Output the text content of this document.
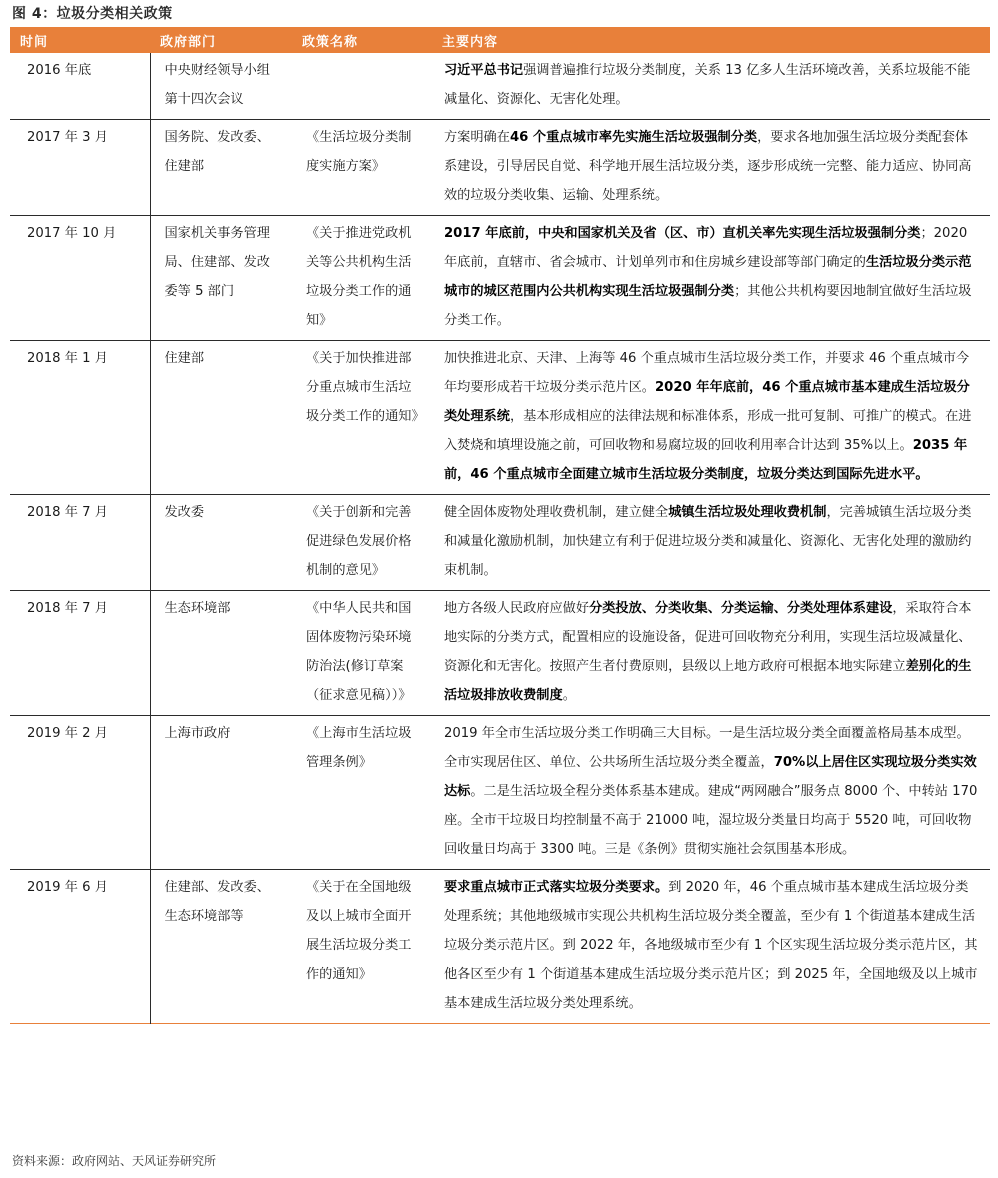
图 4：垃圾分类相关政策
时间	政府部门	政策名称	主要内容
2016 年底	中央财经领导小组第十四次会议		习近平总书记强调普遍推行垃圾分类制度，关系 13 亿多人生活环境改善，关系垃圾能不能减量化、资源化、无害化处理。
2017 年 3 月	国务院、发改委、住建部	《生活垃圾分类制度实施方案》	方案明确在46 个重点城市率先实施生活垃圾强制分类，要求各地加强生活垃圾分类配套体系建设，引导居民自觉、科学地开展生活垃圾分类，逐步形成统一完整、能力适应、协同高效的垃圾分类收集、运输、处理系统。
2017 年 10 月	国家机关事务管理局、住建部、发改委等 5 部门	《关于推进党政机关等公共机构生活垃圾分类工作的通知》	2017 年底前，中央和国家机关及省（区、市）直机关率先实现生活垃圾强制分类；2020 年底前，直辖市、省会城市、计划单列市和住房城乡建设部等部门确定的生活垃圾分类示范城市的城区范围内公共机构实现生活垃圾强制分类；其他公共机构要因地制宜做好生活垃圾分类工作。
2018 年 1 月	住建部	《关于加快推进部分重点城市生活垃圾分类工作的通知》	加快推进北京、天津、上海等 46 个重点城市生活垃圾分类工作，并要求 46 个重点城市今年均要形成若干垃圾分类示范片区。2020 年年底前，46 个重点城市基本建成生活垃圾分类处理系统，基本形成相应的法律法规和标准体系，形成一批可复制、可推广的模式。在进入焚烧和填埋设施之前，可回收物和易腐垃圾的回收利用率合计达到 35%以上。2035 年前，46 个重点城市全面建立城市生活垃圾分类制度，垃圾分类达到国际先进水平。
2018 年 7 月	发改委	《关于创新和完善促进绿色发展价格机制的意见》	健全固体废物处理收费机制，建立健全城镇生活垃圾处理收费机制，完善城镇生活垃圾分类和减量化激励机制，加快建立有利于促进垃圾分类和减量化、资源化、无害化处理的激励约束机制。
2018 年 7 月	生态环境部	《中华人民共和国固体废物污染环境防治法(修订草案（征求意见稿））》	地方各级人民政府应做好分类投放、分类收集、分类运输、分类处理体系建设，采取符合本地实际的分类方式，配置相应的设施设备，促进可回收物充分利用，实现生活垃圾减量化、资源化和无害化。按照产生者付费原则，县级以上地方政府可根据本地实际建立差别化的生活垃圾排放收费制度。
2019 年 2 月	上海市政府	《上海市生活垃圾管理条例》	2019 年全市生活垃圾分类工作明确三大目标。一是生活垃圾分类全面覆盖格局基本成型。全市实现居住区、单位、公共场所生活垃圾分类全覆盖，70%以上居住区实现垃圾分类实效达标。二是生活垃圾全程分类体系基本建成。建成“两网融合”服务点 8000 个、中转站 170 座。全市干垃圾日均控制量不高于 21000 吨，湿垃圾分类量日均高于 5520 吨，可回收物回收量日均高于 3300 吨。三是《条例》贯彻实施社会氛围基本形成。
2019 年 6 月	住建部、发改委、生态环境部等	《关于在全国地级及以上城市全面开展生活垃圾分类工作的通知》	要求重点城市正式落实垃圾分类要求。到 2020 年，46 个重点城市基本建成生活垃圾分类处理系统；其他地级城市实现公共机构生活垃圾分类全覆盖，至少有 1 个街道基本建成生活垃圾分类示范片区。到 2022 年，各地级城市至少有 1 个区实现生活垃圾分类示范片区，其他各区至少有 1 个街道基本建成生活垃圾分类示范片区；到 2025 年，全国地级及以上城市基本建成生活垃圾分类处理系统。
资料来源：政府网站、天风证券研究所
